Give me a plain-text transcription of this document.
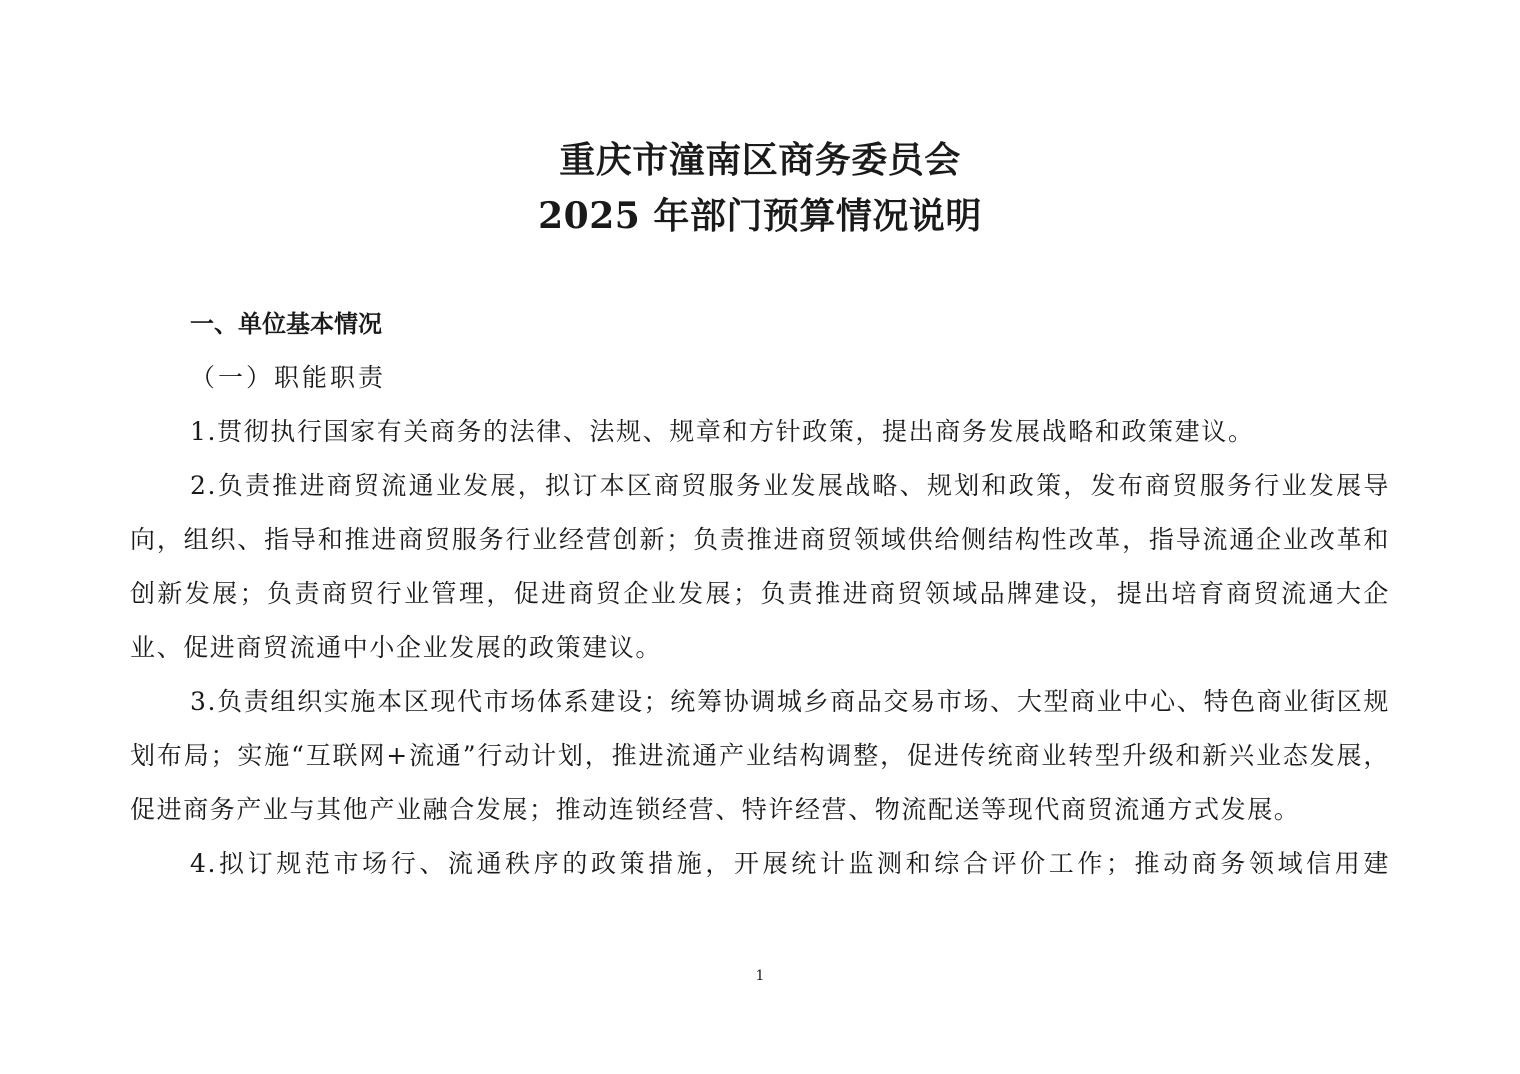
重庆市潼南区商务委员会
2025 年部门预算情况说明

一、单位基本情况

（一）职能职责

1.贯彻执行国家有关商务的法律、法规、规章和方针政策，提出商务发展战略和政策建议。

2.负责推进商贸流通业发展，拟订本区商贸服务业发展战略、规划和政策，发布商贸服务行业发展导向，组织、指导和推进商贸服务行业经营创新；负责推进商贸领域供给侧结构性改革，指导流通企业改革和创新发展；负责商贸行业管理，促进商贸企业发展；负责推进商贸领域品牌建设，提出培育商贸流通大企业、促进商贸流通中小企业发展的政策建议。

3.负责组织实施本区现代市场体系建设；统筹协调城乡商品交易市场、大型商业中心、特色商业街区规划布局；实施“互联网+流通”行动计划，推进流通产业结构调整，促进传统商业转型升级和新兴业态发展，促进商务产业与其他产业融合发展；推动连锁经营、特许经营、物流配送等现代商贸流通方式发展。

4.拟订规范市场行、流通秩序的政策措施，开展统计监测和综合评价工作；推动商务领域信用建

1
